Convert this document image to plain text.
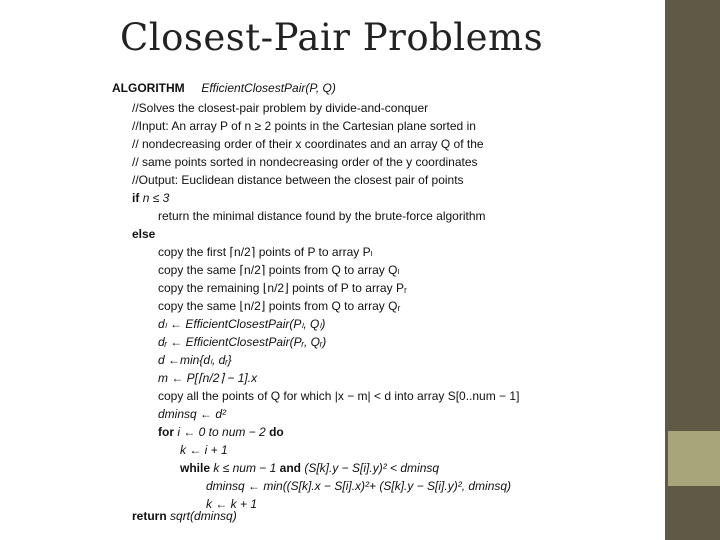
Closest-Pair Problems
ALGORITHM EfficientClosestPair(P, Q)
//Solves the closest-pair problem by divide-and-conquer
//Input: An array P of n ≥ 2 points in the Cartesian plane sorted in
// nondecreasing order of their x coordinates and an array Q of the
// same points sorted in nondecreasing order of the y coordinates
//Output: Euclidean distance between the closest pair of points
if n ≤ 3
return the minimal distance found by the brute-force algorithm
else
copy the first ⌈n/2⌉ points of P to array Pₗ
copy the same ⌈n/2⌉ points from Q to array Qₗ
copy the remaining ⌊n/2⌋ points of P to array Pᵣ
copy the same ⌊n/2⌋ points from Q to array Qᵣ
dₗ ← EfficientClosestPair(Pₗ, Qₗ)
dᵣ ← EfficientClosestPair(Pᵣ, Qᵣ)
d ←min{dₗ, dᵣ}
m ← P[⌈n/2⌉ − 1].x
copy all the points of Q for which |x − m| < d into array S[0..num − 1]
dminsq ← d²
for i ← 0 to num − 2 do
k ← i + 1
while k ≤ num − 1 and (S[k].y − S[i].y)² < dminsq
dminsq ← min((S[k].x − S[i].x)²+ (S[k].y − S[i].y)², dminsq)
k ← k + 1
return sqrt(dminsq)
